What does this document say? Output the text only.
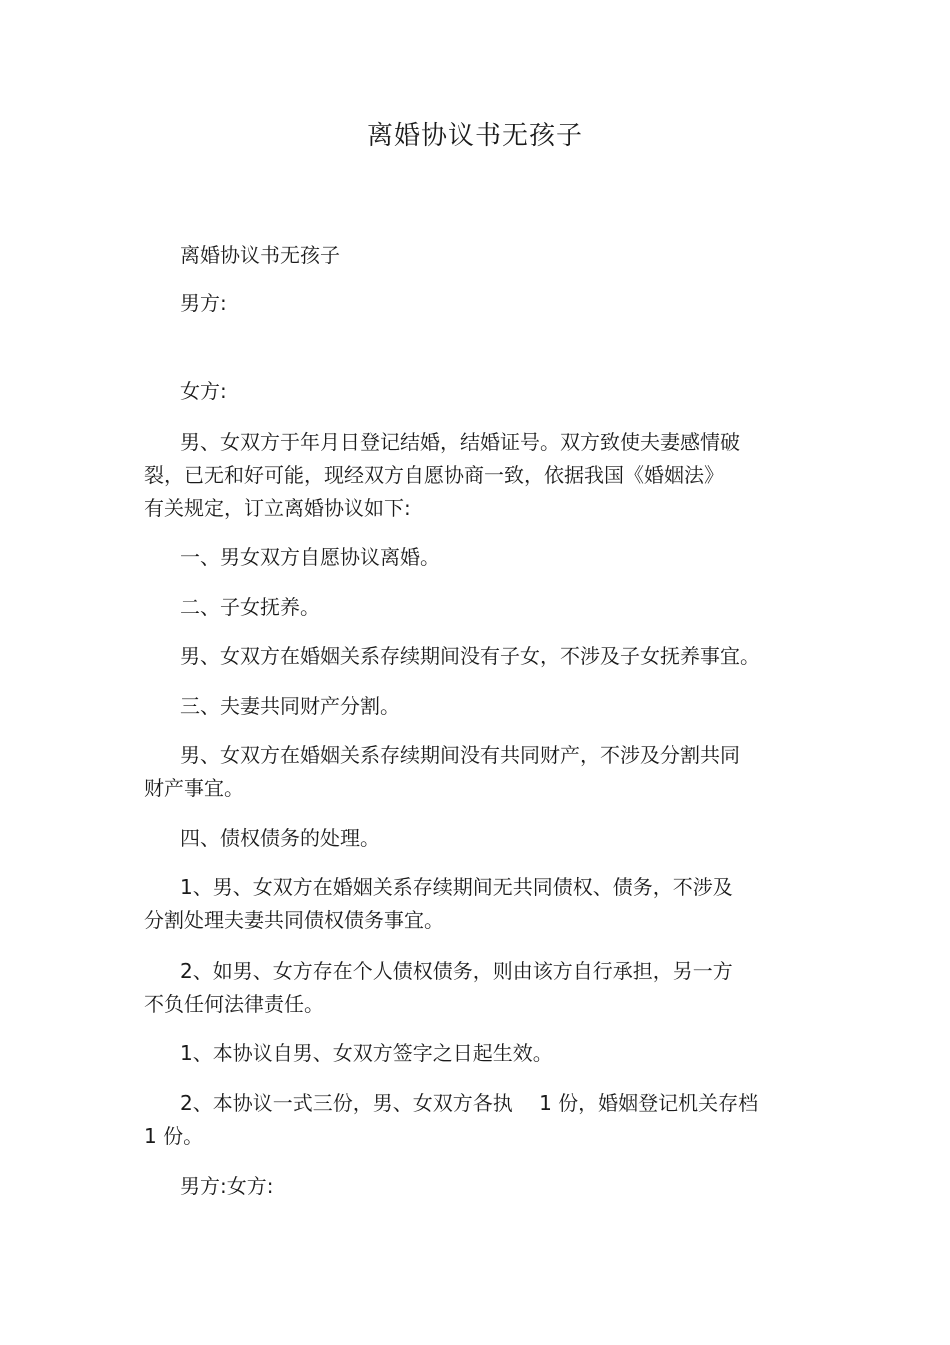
离婚协议书无孩子

离婚协议书无孩子

男方:

女方:

男、女双方于年月日登记结婚，结婚证号。双方致使夫妻感情破
裂，已无和好可能，现经双方自愿协商一致，依据我国《婚姻法》
有关规定，订立离婚协议如下:

一、男女双方自愿协议离婚。

二、子女抚养。

男、女双方在婚姻关系存续期间没有子女，不涉及子女抚养事宜。

三、夫妻共同财产分割。

男、女双方在婚姻关系存续期间没有共同财产，不涉及分割共同
财产事宜。

四、债权债务的处理。

1、男、女双方在婚姻关系存续期间无共同债权、债务，不涉及
分割处理夫妻共同债权债务事宜。

2、如男、女方存在个人债权债务，则由该方自行承担，另一方
不负任何法律责任。

1、本协议自男、女双方签字之日起生效。

2、本协议一式三份，男、女双方各执　 1 份，婚姻登记机关存档
1 份。

男方:女方:
